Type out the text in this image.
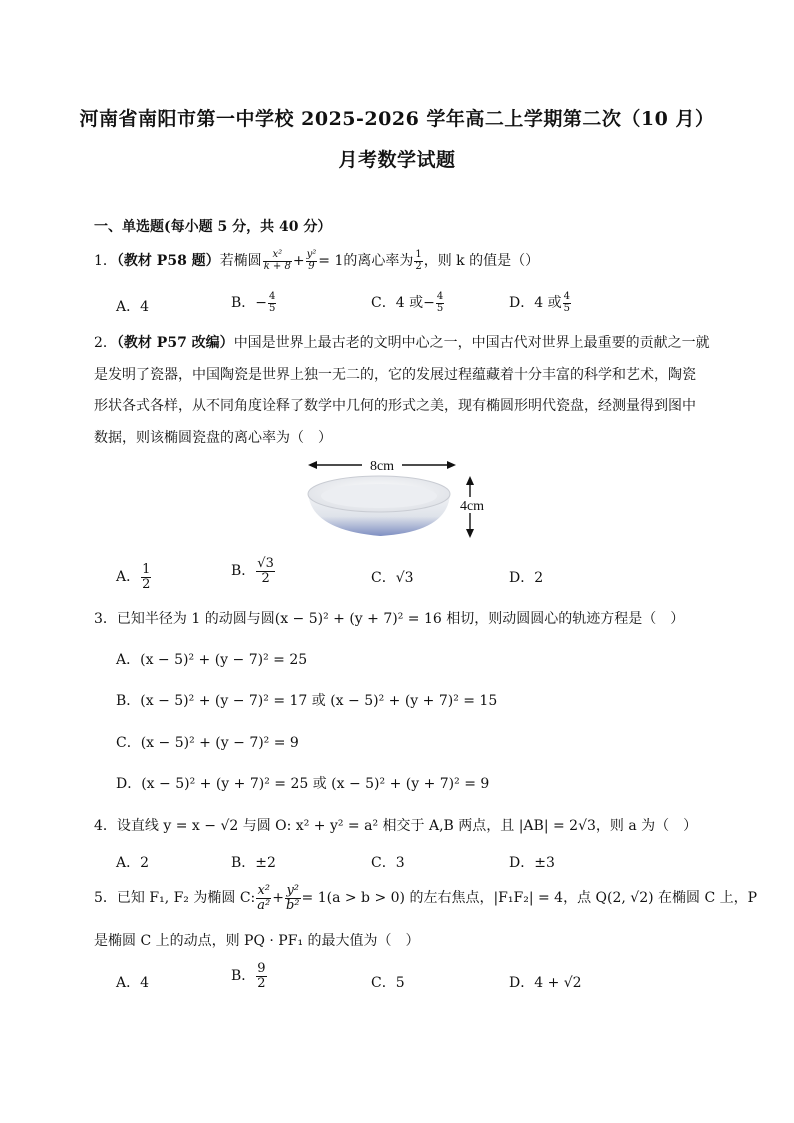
河南省南阳市第一中学校 2025-2026 学年高二上学期第二次（10 月）
月考数学试题
一、单选题(每小题 5 分，共 40 分）
1．（教材 P58 题）若椭圆 $\frac{\text{x²}}{k + 8} + \frac{\text{y²}}{9} = 1$的离心率为 $\frac{1}{2}$ ，则 k 的值是（）
A．4	B．− $\frac{4}{5}$	C．4 或− $\frac{4}{5}$	D．4 或 $\frac{4}{5}$
2．（教材 P57 改编）中国是世界上最古老的文明中心之一，中国古代对世界上最重要的贡献之一就
是发明了瓷器，中国陶瓷是世界上独一无二的，它的发展过程蕴藏着十分丰富的科学和艺术，陶瓷
形状各式各样，从不同角度诠释了数学中几何的形式之美，现有椭圆形明代瓷盘，经测量得到图中
数据，则该椭圆瓷盘的离心率为（　）
8cm
4cm
A． $\frac{1}{2}$	B． $\frac{√3}{2}$	C．√3	D．2
3．已知半径为 1 的动圆与圆(x − 5)² + (y + 7)² = 16 相切，则动圆圆心的轨迹方程是（　）
A．(x − 5)² + (y − 7)² = 25
B．(x − 5)² + (y − 7)² = 17 或 (x − 5)² + (y + 7)² = 15
C．(x − 5)² + (y − 7)² = 9
D．(x − 5)² + (y + 7)² = 25 或 (x − 5)² + (y + 7)² = 9
4．设直线 y = x − √2 与圆 O: x² + y² = a² 相交于 A,B 两点，且 |AB| = 2√3，则 a 为（　）
A．2	B．±2	C．3	D．±3
5．已知 F₁, F₂ 为椭圆 C: $\frac{\text{x²}}{\text{a²}} + \frac{\text{y²}}{\text{b²}} = 1(a > b > 0)$ 的左右焦点，|F₁F₂| = 4，点 Q(2, √2) 在椭圆 C 上，P
是椭圆 C 上的动点，则 PQ · PF₁ 的最大值为（　）
A．4	B． $\frac{9}{2}$	C．5	D．4 + √2
